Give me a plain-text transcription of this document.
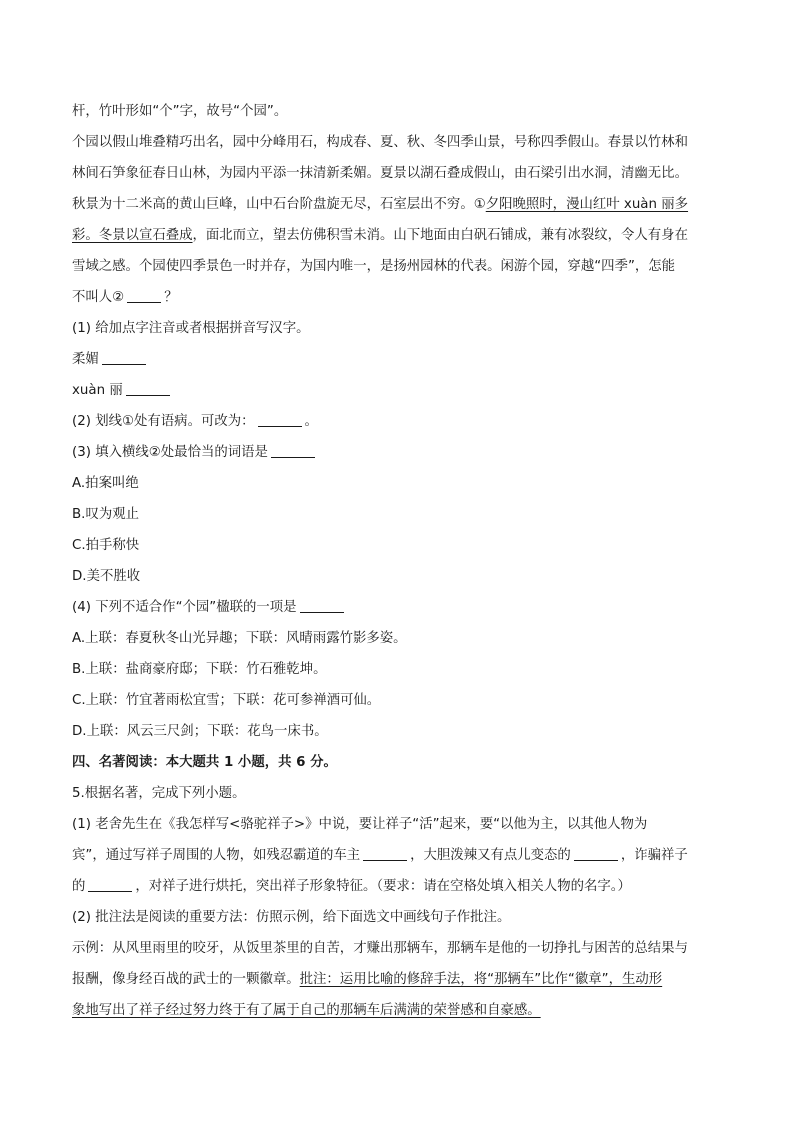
杆，竹叶形如“个”字，故号“个园”。
个园以假山堆叠精巧出名，园中分峰用石，构成春、夏、秋、冬四季山景，号称四季假山。春景以竹林和
林间石笋象征春日山林，为园内平添一抹清新柔媚。夏景以湖石叠成假山，由石梁引出水洞，清幽无比。
秋景为十二米高的黄山巨峰，山中石台阶盘旋无尽，石室层出不穷。①夕阳晚照时，漫山红叶 xuàn 丽多
彩。冬景以宣石叠成，面北而立，望去仿佛积雪未消。山下地面由白矾石铺成，兼有冰裂纹，令人有身在
雪域之感。个园使四季景色一时并存，为国内唯一，是扬州园林的代表。闲游个园，穿越“四季”，怎能
不叫人②	？
(1) 给加点字注音或者根据拼音写汉字。
柔媚
xuàn 丽
(2) 划线①处有语病。可改为：	。
(3) 填入横线②处最恰当的词语是
A.拍案叫绝
B.叹为观止
C.拍手称快
D.美不胜收
(4) 下列不适合作“个园”楹联的一项是
A.上联：春夏秋冬山光异趣；下联：风晴雨露竹影多姿。
B.上联：盐商豪府邸；下联：竹石雅乾坤。
C.上联：竹宜著雨松宜雪；下联：花可参禅酒可仙。
D.上联：风云三尺剑；下联：花鸟一床书。
四、名著阅读：本大题共 1 小题，共 6 分。
5.根据名著，完成下列小题。
(1) 老舍先生在《我怎样写<骆驼祥子>》中说，要让祥子“活”起来，要“以他为主，以其他人物为
宾”，通过写祥子周围的人物，如残忍霸道的车主	，大胆泼辣又有点儿变态的	，诈骗祥子
的	，对祥子进行烘托，突出祥子形象特征。（要求：请在空格处填入相关人物的名字。）
(2) 批注法是阅读的重要方法：仿照示例，给下面选文中画线句子作批注。
示例：从风里雨里的咬牙，从饭里茶里的自苦，才赚出那辆车，那辆车是他的一切挣扎与困苦的总结果与
报酬，像身经百战的武士的一颗徽章。批注：运用比喻的修辞手法，将“那辆车”比作“徽章”，生动形
象地写出了祥子经过努力终于有了属于自己的那辆车后满满的荣誉感和自豪感。
